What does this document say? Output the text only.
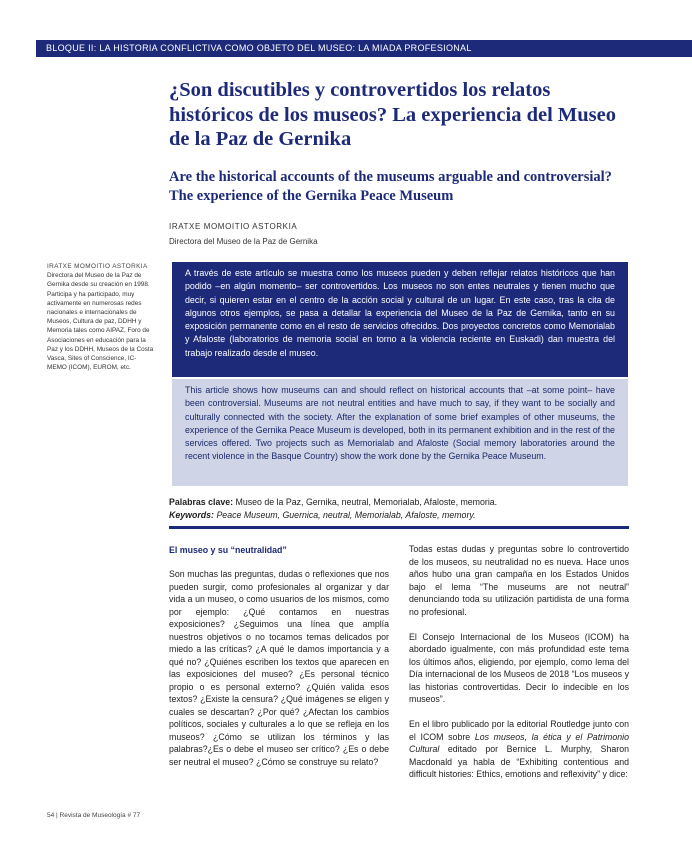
BLOQUE II: LA HISTORIA CONFLICTIVA COMO OBJETO DEL MUSEO: LA MIADA PROFESIONAL
¿Son discutibles y controvertidos los relatos históricos de los museos? La experiencia del Museo de la Paz de Gernika
Are the historical accounts of the museums arguable and controversial? The experience of the Gernika Peace Museum
IRATXE MOMOITIO ASTORKIA
Directora del Museo de la Paz de Gernika
IRATXE MOMOITIO ASTORKIA
Directora del Museo de la Paz de Gernika desde su creación en 1998. Participa y ha participado, muy activamente en numerosas redes nacionales e internacionales de Museos, Cultura de paz, DDHH y Memoria tales como AIPAZ, Foro de Asociaciones en educación para la Paz y los DDHH, Museos de la Costa Vasca, Sites of Conscience, IC-MEMO (ICOM), EUROM, etc.

A través de este artículo se muestra como los museos pueden y deben reflejar relatos históricos que han podido –en algún momento– ser controvertidos. Los museos no son entes neutrales y tienen mucho que decir, si quieren estar en el centro de la acción social y cultural de un lugar. En este caso, tras la cita de algunos otros ejemplos, se pasa a detallar la experiencia del Museo de la Paz de Gernika, tanto en su exposición permanente como en el resto de servicios ofrecidos. Dos proyectos concretos como Memorialab y Afaloste (laboratorios de memoria social en torno a la violencia reciente en Euskadi) dan muestra del trabajo realizado desde el museo.

This article shows how museums can and should reflect on historical accounts that –at some point– have been controversial. Museums are not neutral entities and have much to say, if they want to be socially and culturally connected with the society. After the explanation of some brief examples of other museums, the experience of the Gernika Peace Museum is developed, both in its permanent exhibition and in the rest of the services offered. Two projects such as Memorialab and Afaloste (Social memory laboratories around the recent violence in the Basque Country) show the work done by the Gernika Peace Museum.

Palabras clave: Museo de la Paz, Gernika, neutral, Memorialab, Afaloste, memoria.
Keywords: Peace Museum, Guernica, neutral, Memorialab, Afaloste, memory.
El museo y su “neutralidad”

Son muchas las preguntas, dudas o reflexiones que nos pueden surgir, como profesionales al organizar y dar vida a un museo, o como usuarios de los mismos, como por ejemplo: ¿Qué contamos en nuestras exposiciones? ¿Seguimos una línea que amplía nuestros objetivos o no tocamos temas delicados por miedo a las críticas? ¿A qué le damos importancia y a qué no? ¿Quiénes escriben los textos que aparecen en las exposiciones del museo? ¿Es personal técnico propio o es personal externo? ¿Quién valida esos textos? ¿Existe la censura? ¿Qué imágenes se eligen y cuales se descartan? ¿Por qué? ¿Afectan los cambios políticos, sociales y culturales a lo que se refleja en los museos? ¿Cómo se utilizan los términos y las palabras?¿Es o debe el museo ser crítico? ¿Es o debe ser neutral el museo? ¿Cómo se construye su relato?

Todas estas dudas y preguntas sobre lo controvertido de los museos, su neutralidad no es nueva. Hace unos años hubo una gran campaña en los Estados Unidos bajo el lema “The museums are not neutral” denunciando toda su utilización partidista de una forma no profesional.

El Consejo Internacional de los Museos (ICOM) ha abordado igualmente, con más profundidad este tema los últimos años, eligiendo, por ejemplo, como lema del Día internacional de los Museos de 2018 “Los museos y las historias controvertidas. Decir lo indecible en los museos”.

En el libro publicado por la editorial Routledge junto con el ICOM sobre Los museos, la ética y el Patrimonio Cultural editado por Bernice L. Murphy, Sharon Macdonald ya habla de “Exhibiting contentious and difficult histories: Ethics, emotions and reflexivity” y dice:

54 | Revista de Museología # 77
